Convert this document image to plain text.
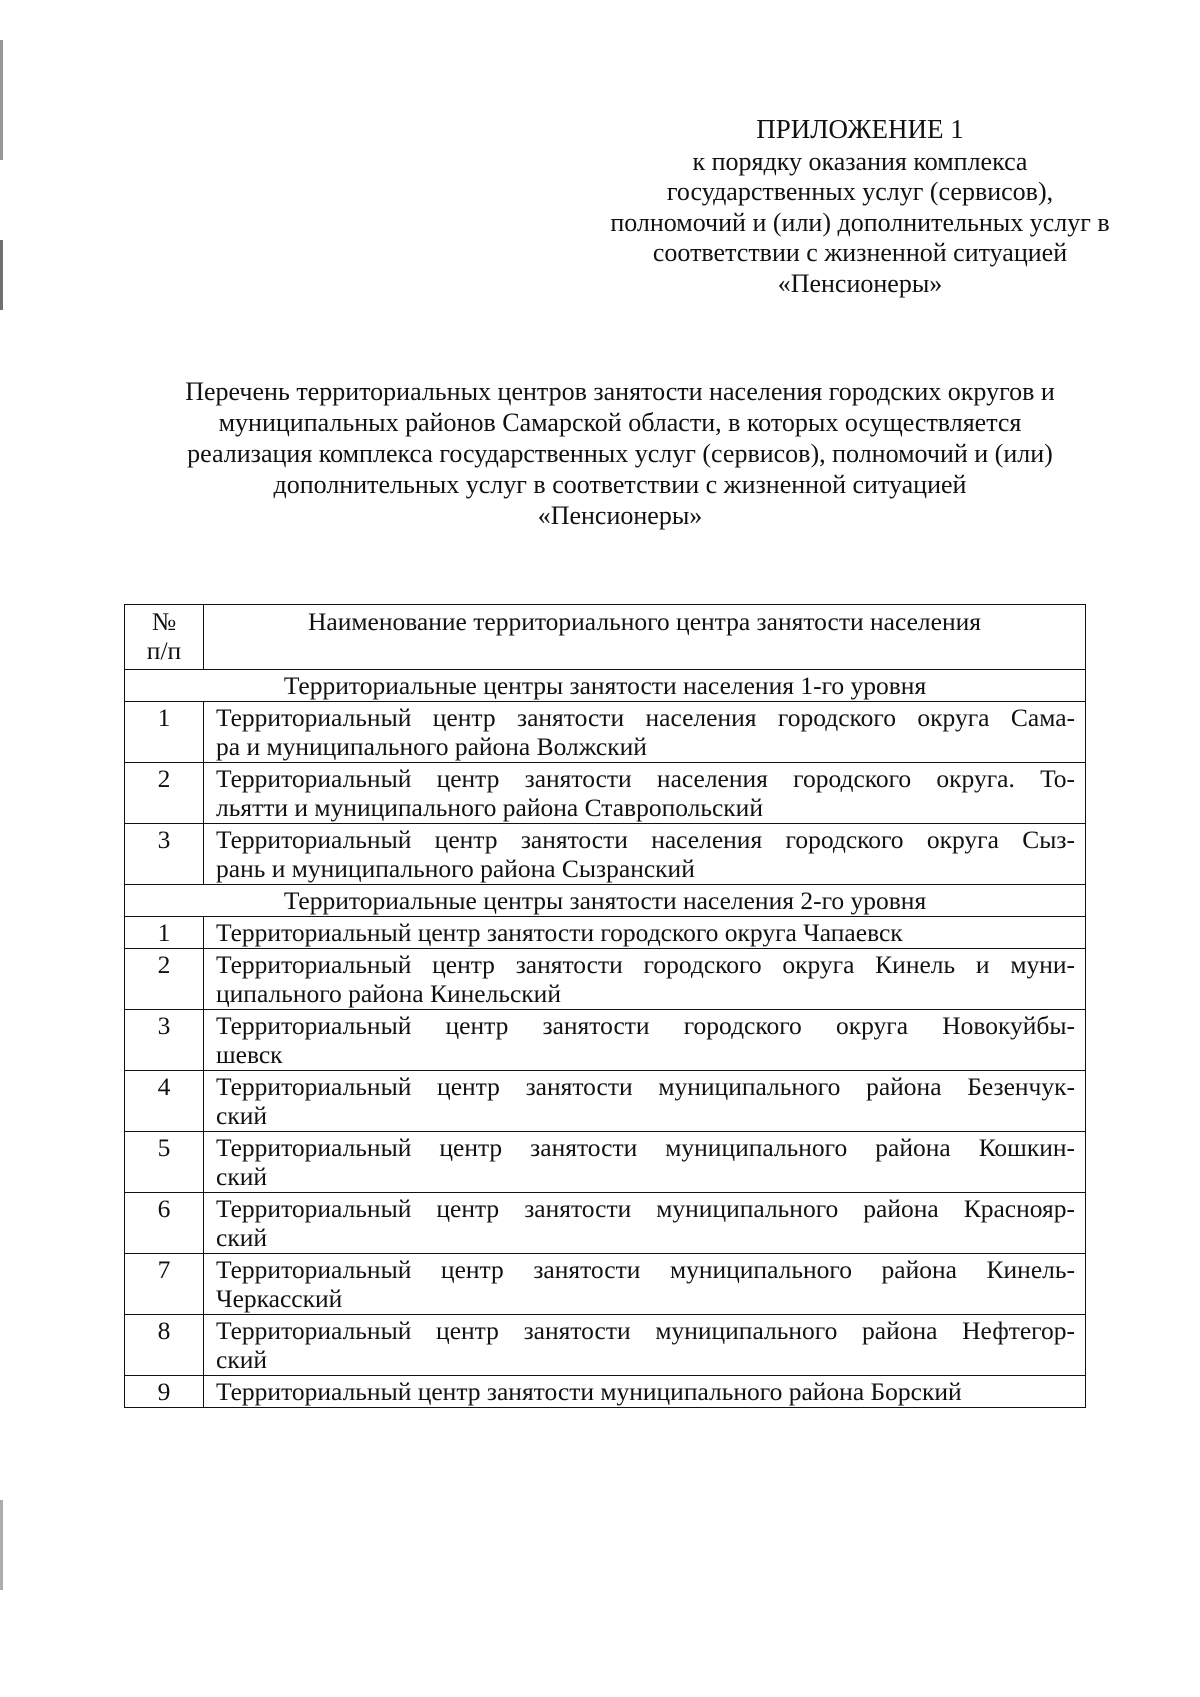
ПРИЛОЖЕНИЕ 1
к порядку оказания комплекса
государственных услуг (сервисов),
полномочий и (или) дополнительных услуг в
соответствии с жизненной ситуацией
«Пенсионеры»
Перечень территориальных центров занятости населения городских округов и
муниципальных районов Самарской области, в которых осуществляется
реализация комплекса государственных услуг (сервисов), полномочий и (или)
дополнительных услуг в соответствии с жизненной ситуацией
«Пенсионеры»
№
п/п	Наименование территориального центра занятости населения
Территориальные центры занятости населения 1-го уровня	
1	Территориальный центр занятости населения городского округа Сама-
ра и муниципального района Волжский

2	Территориальный центр занятости населения городского округа. То-
льятти и муниципального района Ставропольский

3	Территориальный центр занятости населения городского округа Сыз-
рань и муниципального района Сызранский

Территориальные центры занятости населения 2-го уровня	
1	Территориальный центр занятости городского округа Чапаевск

2	Территориальный центр занятости городского округа Кинель и муни-
ципального района Кинельский

3	Территориальный центр занятости городского округа Новокуйбы-
шевск

4	Территориальный центр занятости муниципального района Безенчук-
ский

5	Территориальный центр занятости муниципального района Кошкин-
ский

6	Территориальный центр занятости муниципального района Краснояр-
ский

7	Территориальный центр занятости муниципального района Кинель-
Черкасский

8	Территориальный центр занятости муниципального района Нефтегор-
ский

9	Территориальный центр занятости муниципального района Борский
